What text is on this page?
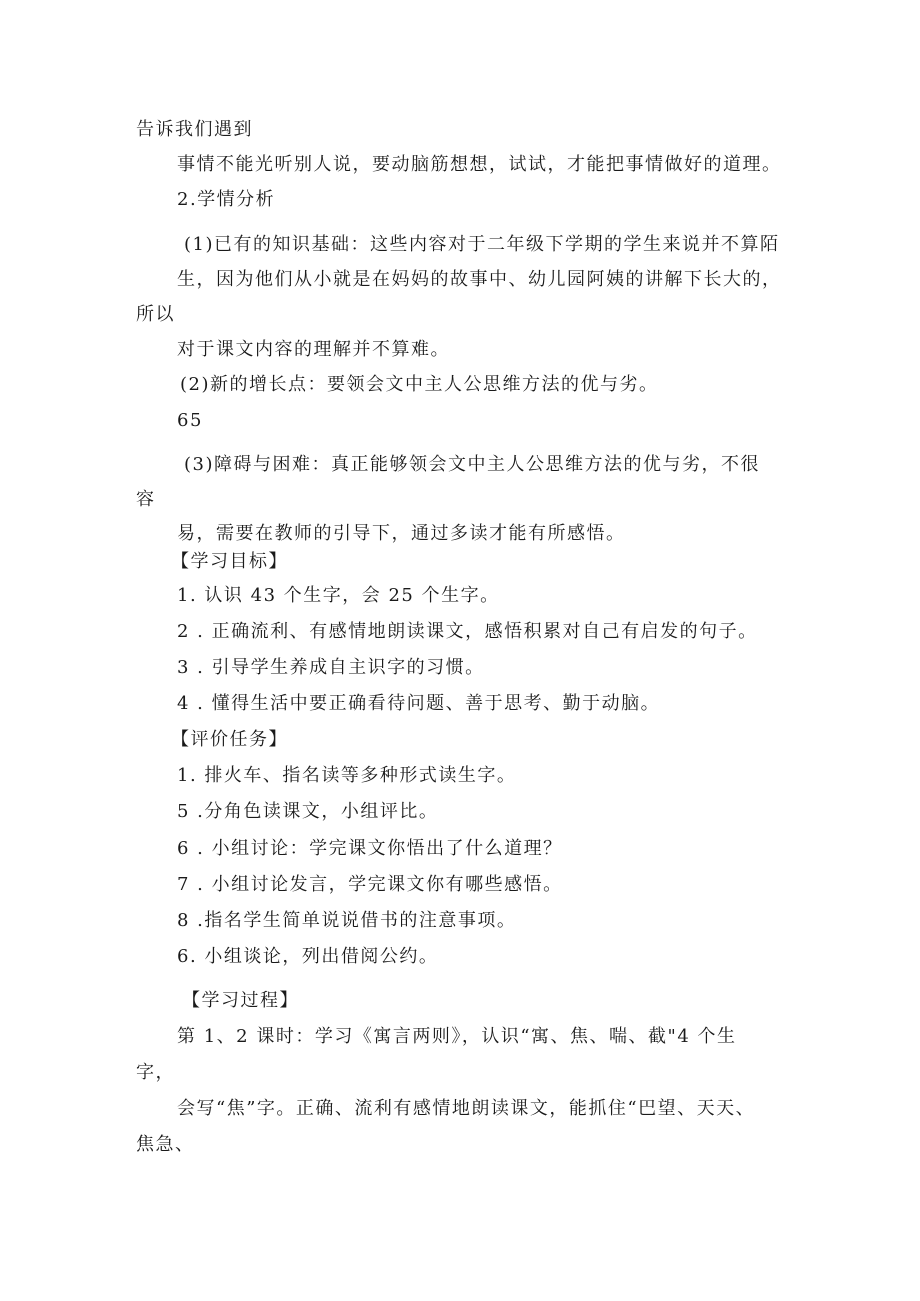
告诉我们遇到
事情不能光听别人说，要动脑筋想想，试试，才能把事情做好的道理。
2.学情分析
(1)已有的知识基础：这些内容对于二年级下学期的学生来说并不算陌
生，因为他们从小就是在妈妈的故事中、幼儿园阿姨的讲解下长大的，
所以
对于课文内容的理解并不算难。
(2)新的增长点：要领会文中主人公思维方法的优与劣。
65
(3)障碍与困难：真正能够领会文中主人公思维方法的优与劣，不很
容
易，需要在教师的引导下，通过多读才能有所感悟。
【学习目标】
1. 认识 43 个生字，会 25 个生字。
2 . 正确流利、有感情地朗读课文，感悟积累对自己有启发的句子。
3 . 引导学生养成自主识字的习惯。
4 . 懂得生活中要正确看待问题、善于思考、勤于动脑。
【评价任务】
1. 排火车、指名读等多种形式读生字。
5 .分角色读课文，小组评比。
6 . 小组讨论：学完课文你悟出了什么道理？
7 . 小组讨论发言，学完课文你有哪些感悟。
8 .指名学生简单说说借书的注意事项。
6. 小组谈论，列出借阅公约。
【学习过程】
第 1、2 课时：学习《寓言两则》，认识“寓、焦、喘、截"4 个生
字，
会写“焦”字。正确、流利有感情地朗读课文，能抓住“巴望、天天、
焦急、
